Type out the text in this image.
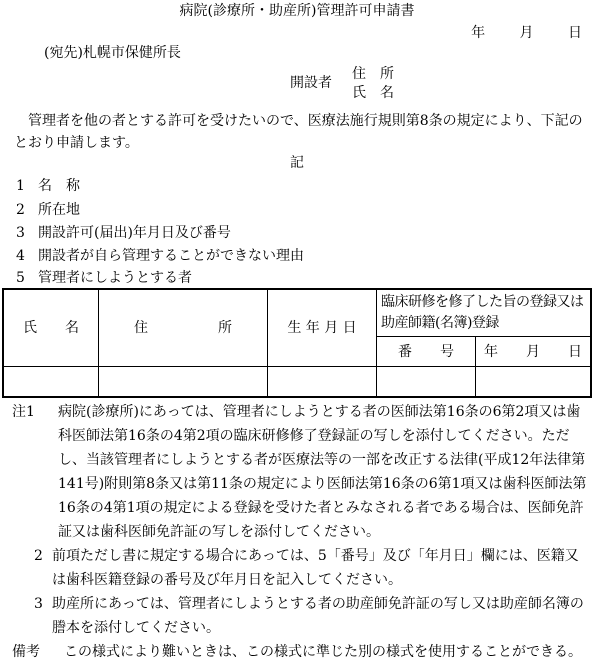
病院(診療所・助産所)管理許可申請書
年 月 日
(宛先)札幌市保健所長
開設者
住　所
氏　名
　管理者を他の者とする許可を受けたいので、医療法施行規則第8条の規定により、下記のとおり申請します。
記
1 名　称
2 所在地
3 開設許可(届出)年月日及び番号
4 開設者が自ら管理することができない理由
5 管理者にしようとする者
氏　　名	住　　　　　所	生 年 月 日	臨床研修を修了した旨の登録又は助産師籍(名簿)登録	
			番　　号	年　　月　　日

注1 病院(診療所)にあっては、管理者にしようとする者の医師法第16条の6第2項又は歯科医師法第16条の4第2項の臨床研修修了登録証の写しを添付してください。ただし、当該管理者にしようとする者が医療法等の一部を改正する法律(平成12年法律第141号)附則第8条又は第11条の規定により医師法第16条の6第1項又は歯科医師法第16条の4第1項の規定による登録を受けた者とみなされる者である場合は、医師免許証又は歯科医師免許証の写しを添付してください。
2 前項ただし書に規定する場合にあっては、5「番号」及び「年月日」欄には、医籍又は歯科医籍登録の番号及び年月日を記入してください。
3 助産所にあっては、管理者にしようとする者の助産師免許証の写し又は助産師名簿の謄本を添付してください。
備考 この様式により難いときは、この様式に準じた別の様式を使用することができる。
